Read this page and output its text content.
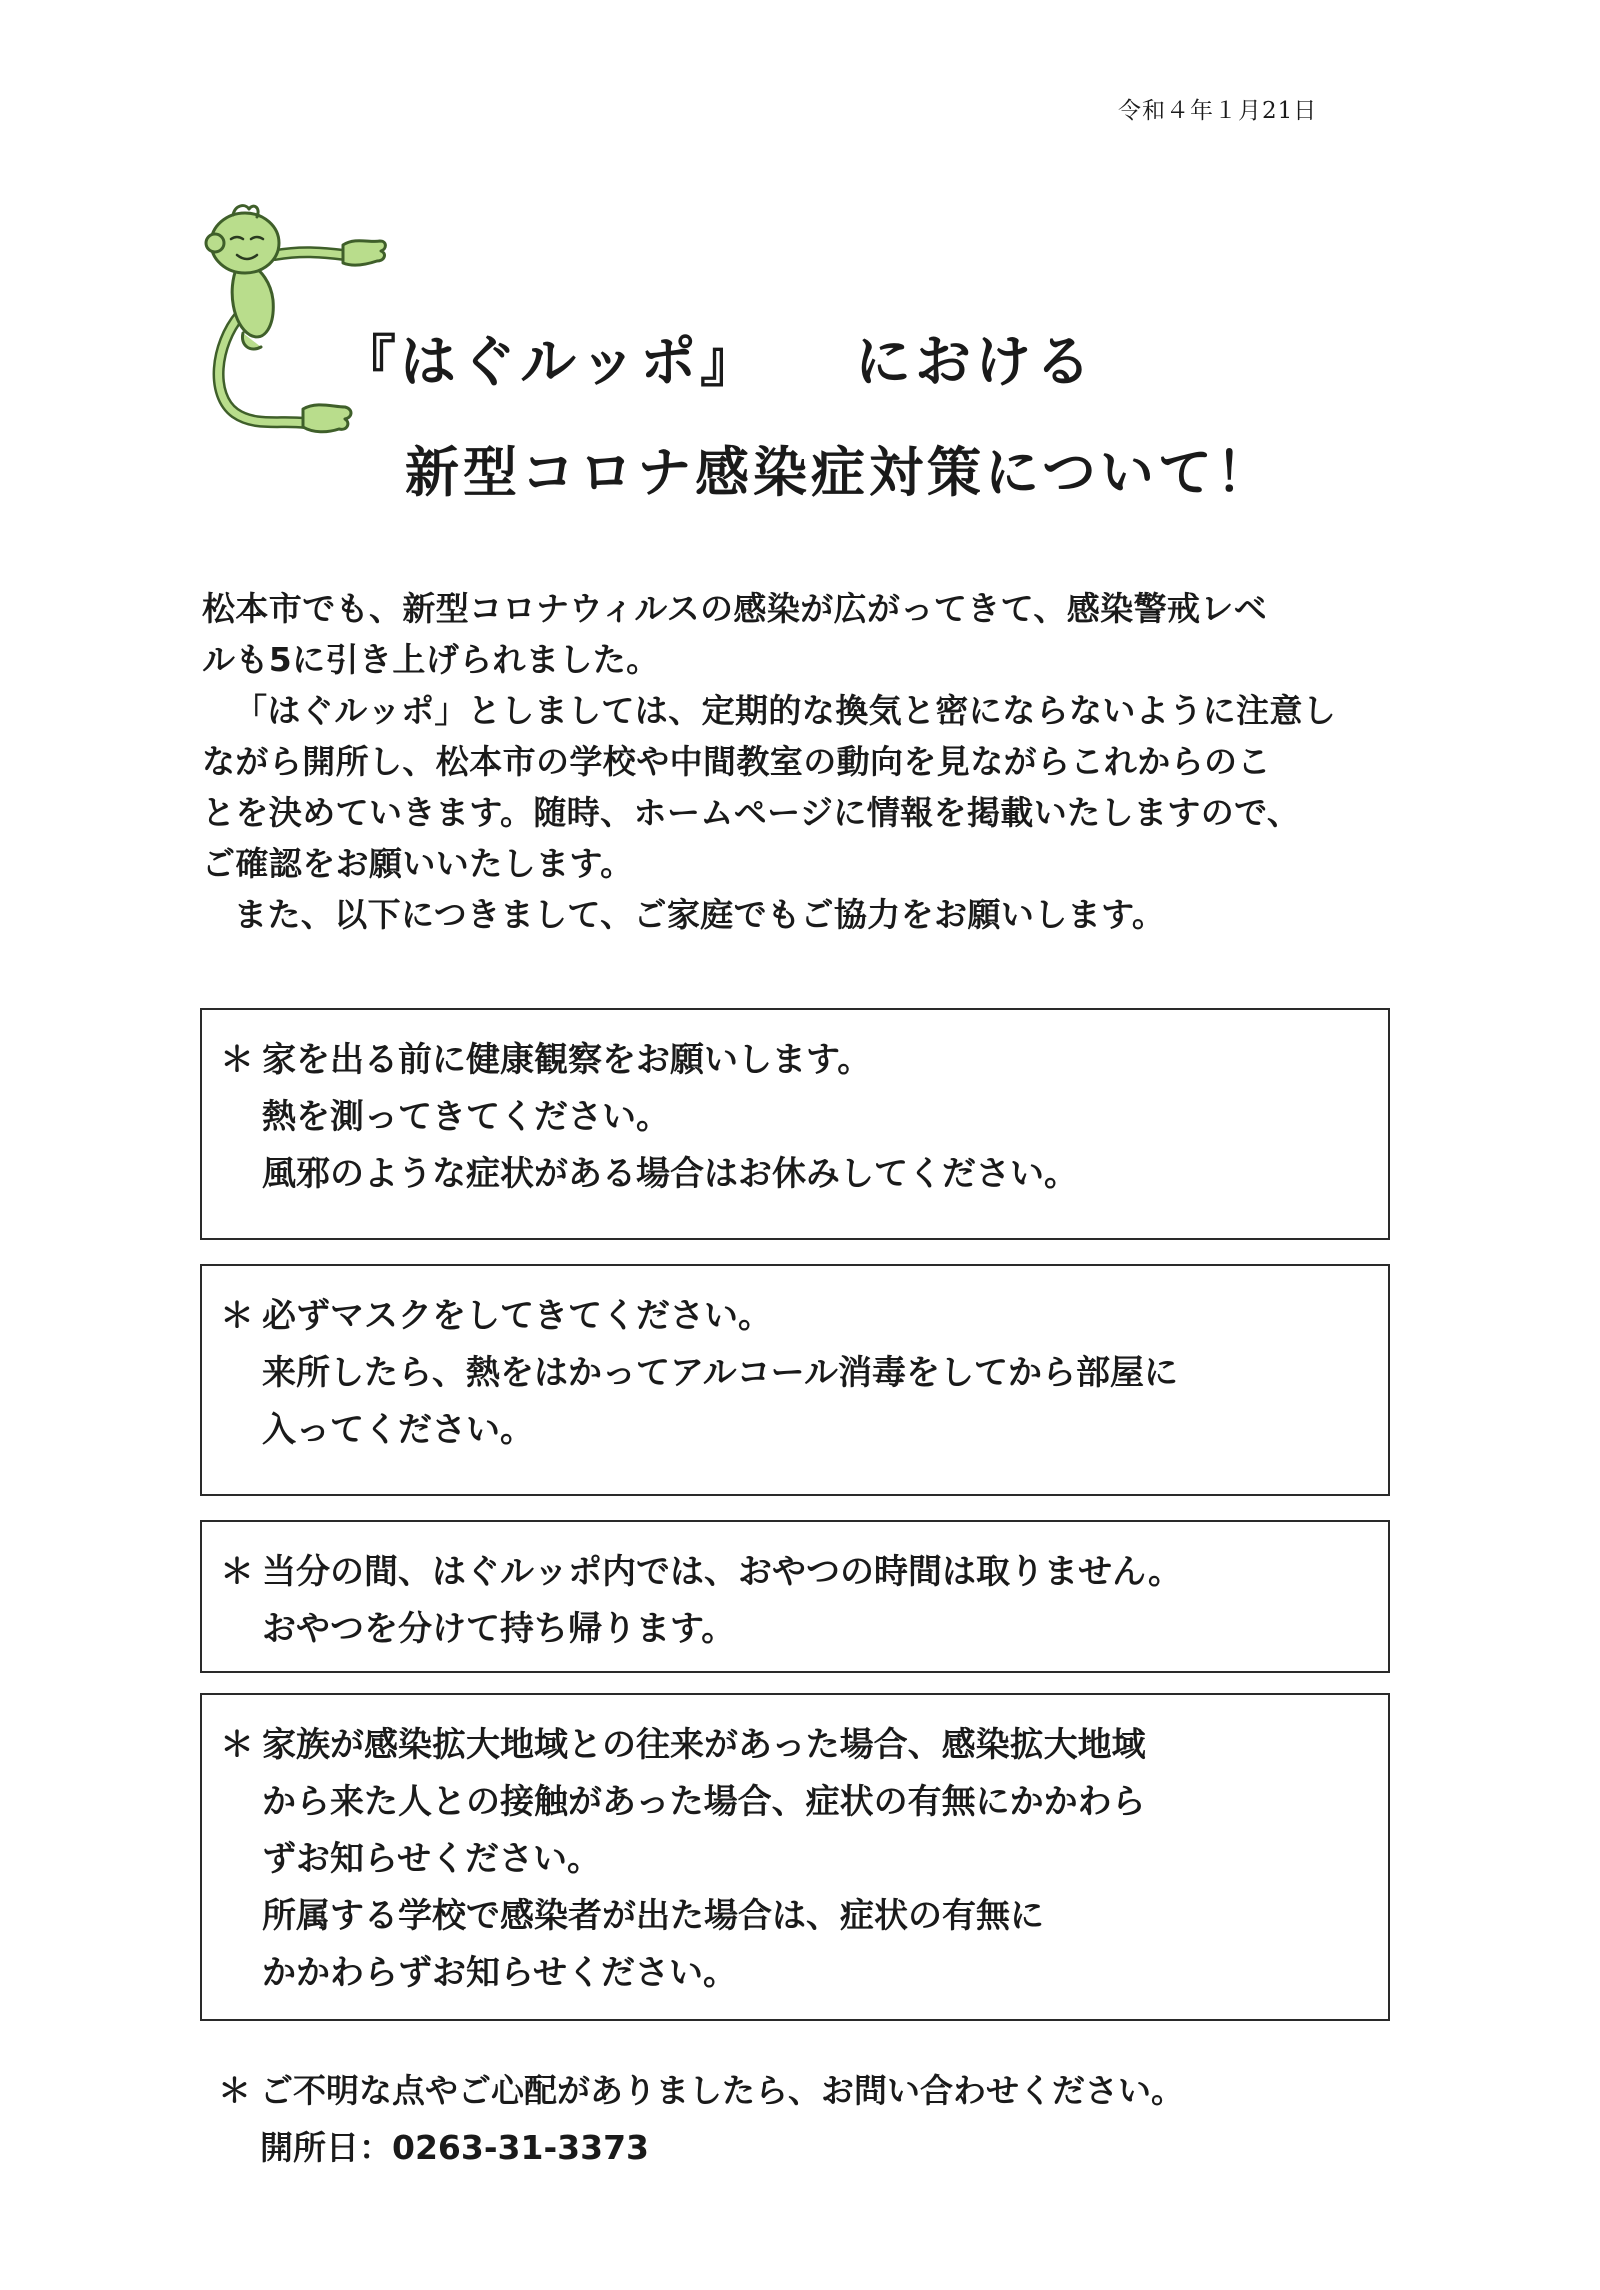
令和４年１月21日
『はぐルッポ』 における
新型コロナ感染症対策について！

松本市でも、新型コロナウィルスの感染が広がってきて、感染警戒レベ

ルも5に引き上げられました。

「はぐルッポ」としましては、定期的な換気と密にならないように注意し

ながら開所し、松本市の学校や中間教室の動向を見ながらこれからのこ

とを決めていきます。随時、ホームページに情報を掲載いたしますので、

ご確認をお願いいたします。

また、以下につきまして、ご家庭でもご協力をお願いします。

＊ 家を出る前に健康観察をお願いします。
熱を測ってきてください。
風邪のような症状がある場合はお休みしてください。
＊ 必ずマスクをしてきてください。
来所したら、熱をはかってアルコール消毒をしてから部屋に
入ってください。
＊ 当分の間、はぐルッポ内では、おやつの時間は取りません。
おやつを分けて持ち帰ります。
＊ 家族が感染拡大地域との往来があった場合、感染拡大地域
から来た人との接触があった場合、症状の有無にかかわら
ずお知らせください。
所属する学校で感染者が出た場合は、症状の有無に
かかわらずお知らせください。
＊ ご不明な点やご心配がありましたら、お問い合わせください。
開所日：0263-31-3373
